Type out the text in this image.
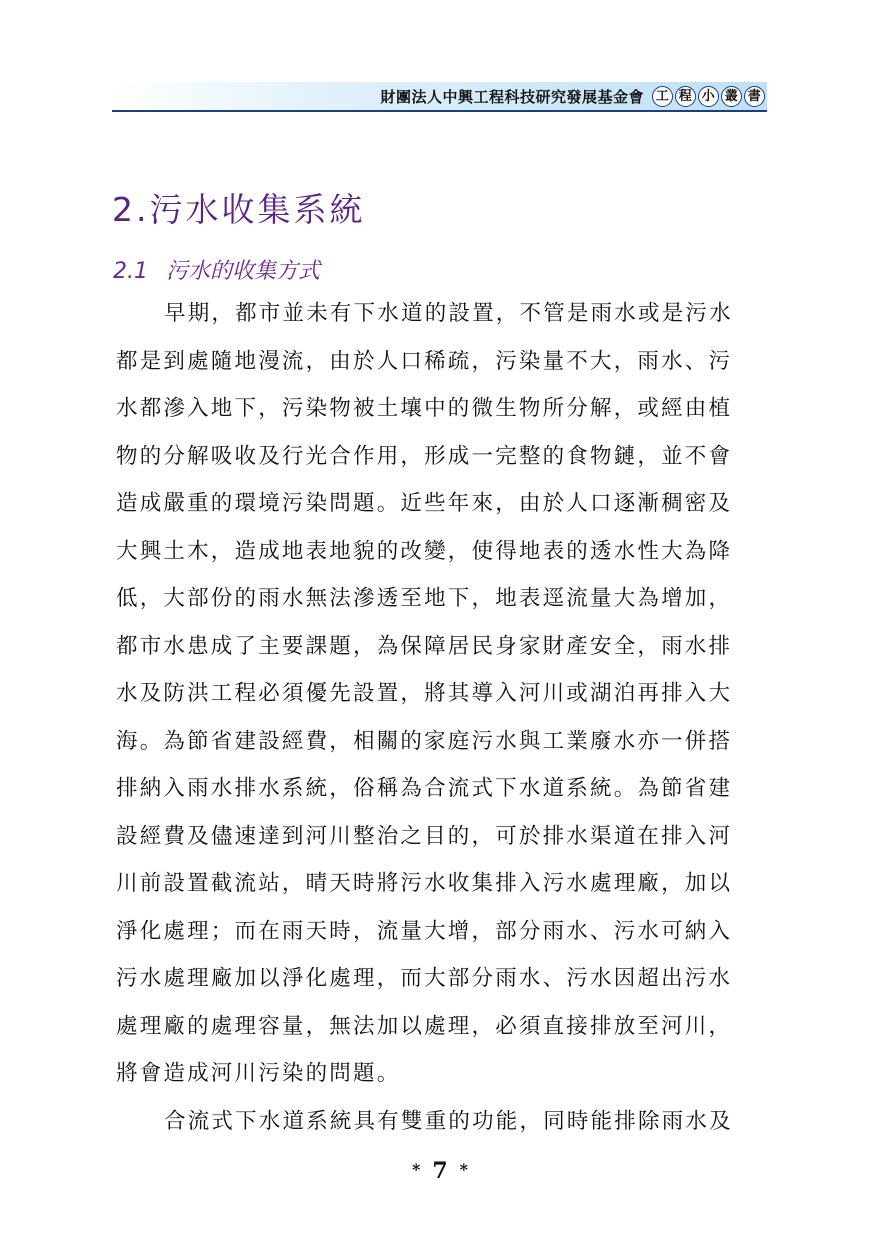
財團法人中興工程科技研究發展基金會 工 程 小 叢 書
2.污水收集系統
2.1 污水的收集方式
早期，都市並未有下水道的設置，不管是雨水或是污水
都是到處隨地漫流，由於人口稀疏，污染量不大，雨水、污
水都滲入地下，污染物被土壤中的微生物所分解，或經由植
物的分解吸收及行光合作用，形成一完整的食物鏈，並不會
造成嚴重的環境污染問題。近些年來，由於人口逐漸稠密及
大興土木，造成地表地貌的改變，使得地表的透水性大為降
低，大部份的雨水無法滲透至地下，地表逕流量大為增加，
都市水患成了主要課題，為保障居民身家財產安全，雨水排
水及防洪工程必須優先設置，將其導入河川或湖泊再排入大
海。為節省建設經費，相關的家庭污水與工業廢水亦一併搭
排納入雨水排水系統，俗稱為合流式下水道系統。為節省建
設經費及儘速達到河川整治之目的，可於排水渠道在排入河
川前設置截流站，晴天時將污水收集排入污水處理廠，加以
淨化處理；而在雨天時，流量大增，部分雨水、污水可納入
污水處理廠加以淨化處理，而大部分雨水、污水因超出污水
處理廠的處理容量，無法加以處理，必須直接排放至河川，
將會造成河川污染的問題。
合流式下水道系統具有雙重的功能，同時能排除雨水及
* 7 *
